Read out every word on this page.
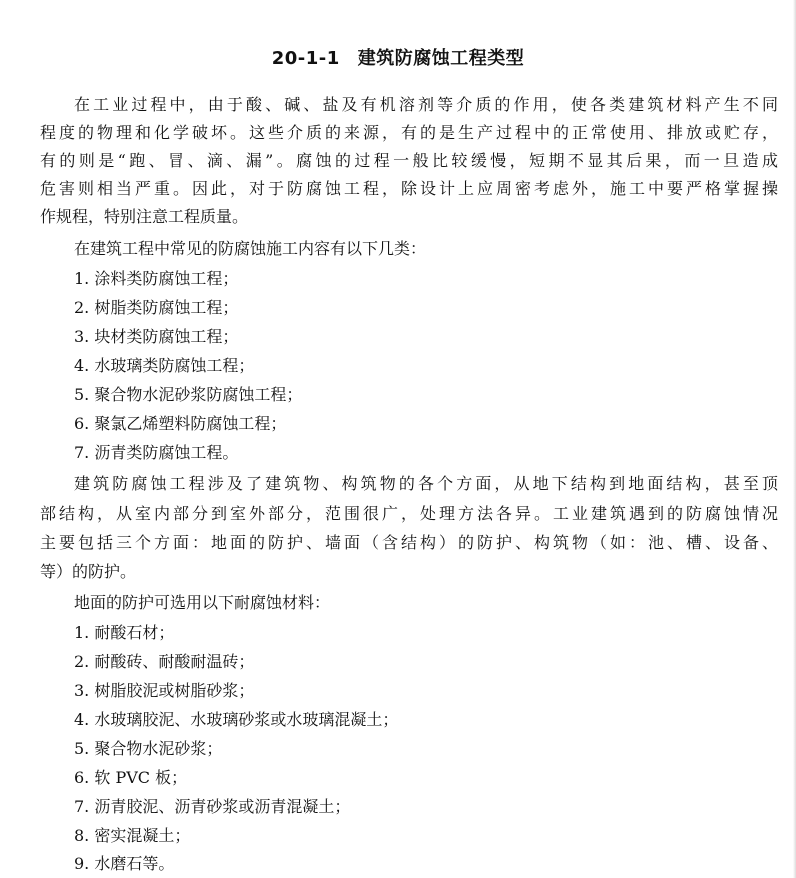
20-1-1 建筑防腐蚀工程类型
在工业过程中，由于酸、碱、盐及有机溶剂等介质的作用，使各类建筑材料产生不同
程度的物理和化学破坏。这些介质的来源，有的是生产过程中的正常使用、排放或贮存，
有的则是“跑、冒、滴、漏”。腐蚀的过程一般比较缓慢，短期不显其后果，而一旦造成
危害则相当严重。因此，对于防腐蚀工程，除设计上应周密考虑外，施工中要严格掌握操
作规程，特别注意工程质量。
在建筑工程中常见的防腐蚀施工内容有以下几类：
1. 涂料类防腐蚀工程；
2. 树脂类防腐蚀工程；
3. 块材类防腐蚀工程；
4. 水玻璃类防腐蚀工程；
5. 聚合物水泥砂浆防腐蚀工程；
6. 聚氯乙烯塑料防腐蚀工程；
7. 沥青类防腐蚀工程。
建筑防腐蚀工程涉及了建筑物、构筑物的各个方面，从地下结构到地面结构，甚至顶
部结构，从室内部分到室外部分，范围很广，处理方法各异。工业建筑遇到的防腐蚀情况
主要包括三个方面：地面的防护、墙面（含结构）的防护、构筑物（如：池、槽、设备、
等）的防护。
地面的防护可选用以下耐腐蚀材料：
1. 耐酸石材；
2. 耐酸砖、耐酸耐温砖；
3. 树脂胶泥或树脂砂浆；
4. 水玻璃胶泥、水玻璃砂浆或水玻璃混凝土；
5. 聚合物水泥砂浆；
6. 软 PVC 板；
7. 沥青胶泥、沥青砂浆或沥青混凝土；
8. 密实混凝土；
9. 水磨石等。
